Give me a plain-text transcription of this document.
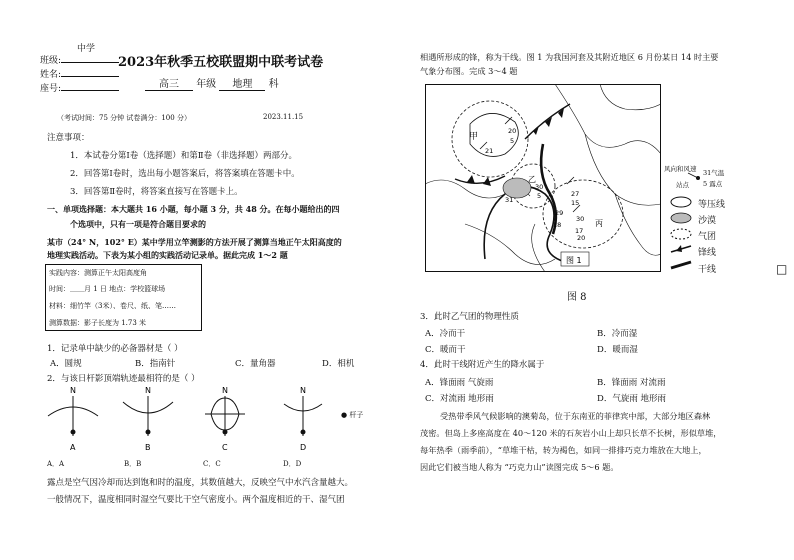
中学
班级:
姓名:
座号:
2023年秋季五校联盟期中联考试卷
高三 年级 地理 科
（考试时间：75 分钟 试卷满分：100 分）	2023.11.15
注意事项：
1．本试卷分第Ⅰ卷（选择题）和第Ⅱ卷（非选择题）两部分。
2．回答第Ⅰ卷时，选出每小题答案后，将答案填在答题卡中。
3．回答第Ⅱ卷时，将答案直接写在答题卡上。
一、单项选择题：本大题共 16 小题，每小题 3 分，共 48 分。在每小题给出的四
个选项中，只有一项是符合题目要求的
某市（24° N，102° E）某中学用立竿测影的方法开展了测算当地正午太阳高度的
地理实践活动。下表为某小组的实践活动记录单。据此完成 1～2 题
实践内容：测算正午太阳高度角
时间：＿＿月 1 日 地点：学校篮球场
材料：细竹竿（3米）、卷尺、纸、笔……
测算数据：影子长度为 1.73 米
1．记录单中缺少的必备器材是（ ）
A．圆规	B．指南针	C．量角器	D．相机
2．与该日杆影顶端轨迹最相符的是（ ）
N	N	N	N
A	B	C	D
● 杆子
A．A	B．B	C．C	D．D
露点是空气因冷却而达到饱和时的温度，其数值越大，反映空气中水汽含量越大。
一般情况下，温度相同时湿空气要比干空气密度小。两个温度相近的干、湿气团
相遇所形成的锋，称为干线。图 1 为我国河套及其附近地区 6 月份某日 14 时主要
气象分布图。完成 3～4 题
甲
乙
丙
21
20
5
31
30
5	27
15
29
18
30
17
20
图 1
风向和风速 31气温
站点 5 露点
等压线
沙漠
气团
锋线
干线
图 8
3．此时乙气团的物理性质
A．冷而干	B．冷而湿
C．暖而干	D．暖而湿
4．此时干线附近产生的降水属于
A．锋面雨 气旋雨	B．锋面雨 对流雨
C．对流雨 地形雨	D．气旋雨 地形雨
受热带季风气候影响的澳菊岛，位于东南亚的菲律宾中部，大部分地区森林
茂密。但岛上多座高度在 40～120 米的石灰岩小山上却只长草不长树，形似草堆，
每年热季（雨季前），“草堆干枯，转为褐色，如同一排排巧克力堆放在大地上，
因此它们被当地人称为 “巧克力山”读图完成 5～6 题。
□
